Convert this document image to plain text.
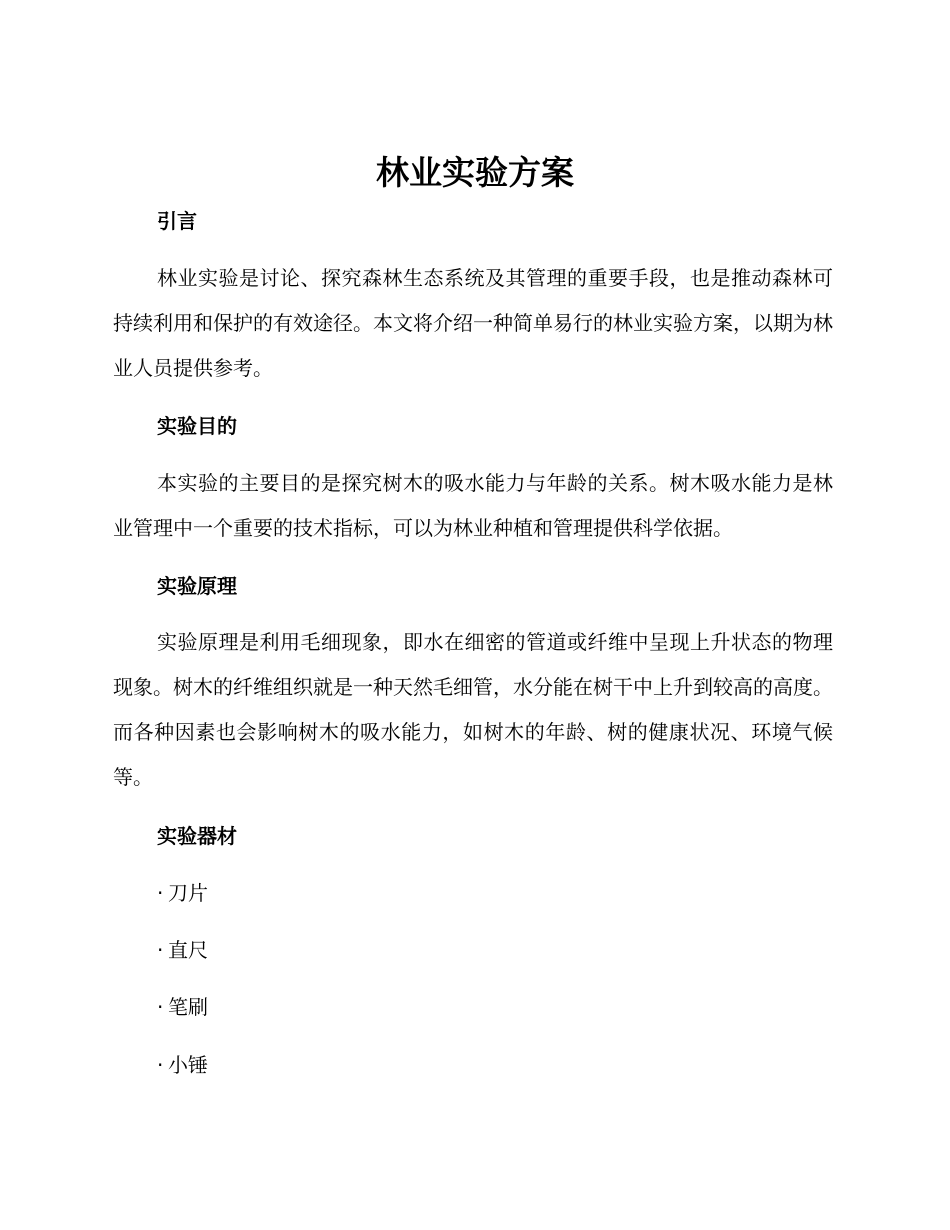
林业实验方案
引言

林业实验是讨论、探究森林生态系统及其管理的重要手段，也是推动森林可持续利用和保护的有效途径。本文将介绍一种简单易行的林业实验方案，以期为林业人员提供参考。

实验目的

本实验的主要目的是探究树木的吸水能力与年龄的关系。树木吸水能力是林业管理中一个重要的技术指标，可以为林业种植和管理提供科学依据。

实验原理

实验原理是利用毛细现象，即水在细密的管道或纤维中呈现上升状态的物理现象。树木的纤维组织就是一种天然毛细管，水分能在树干中上升到较高的高度。而各种因素也会影响树木的吸水能力，如树木的年龄、树的健康状况、环境气候等。

实验器材
· 刀片
· 直尺
· 笔刷
· 小锤
